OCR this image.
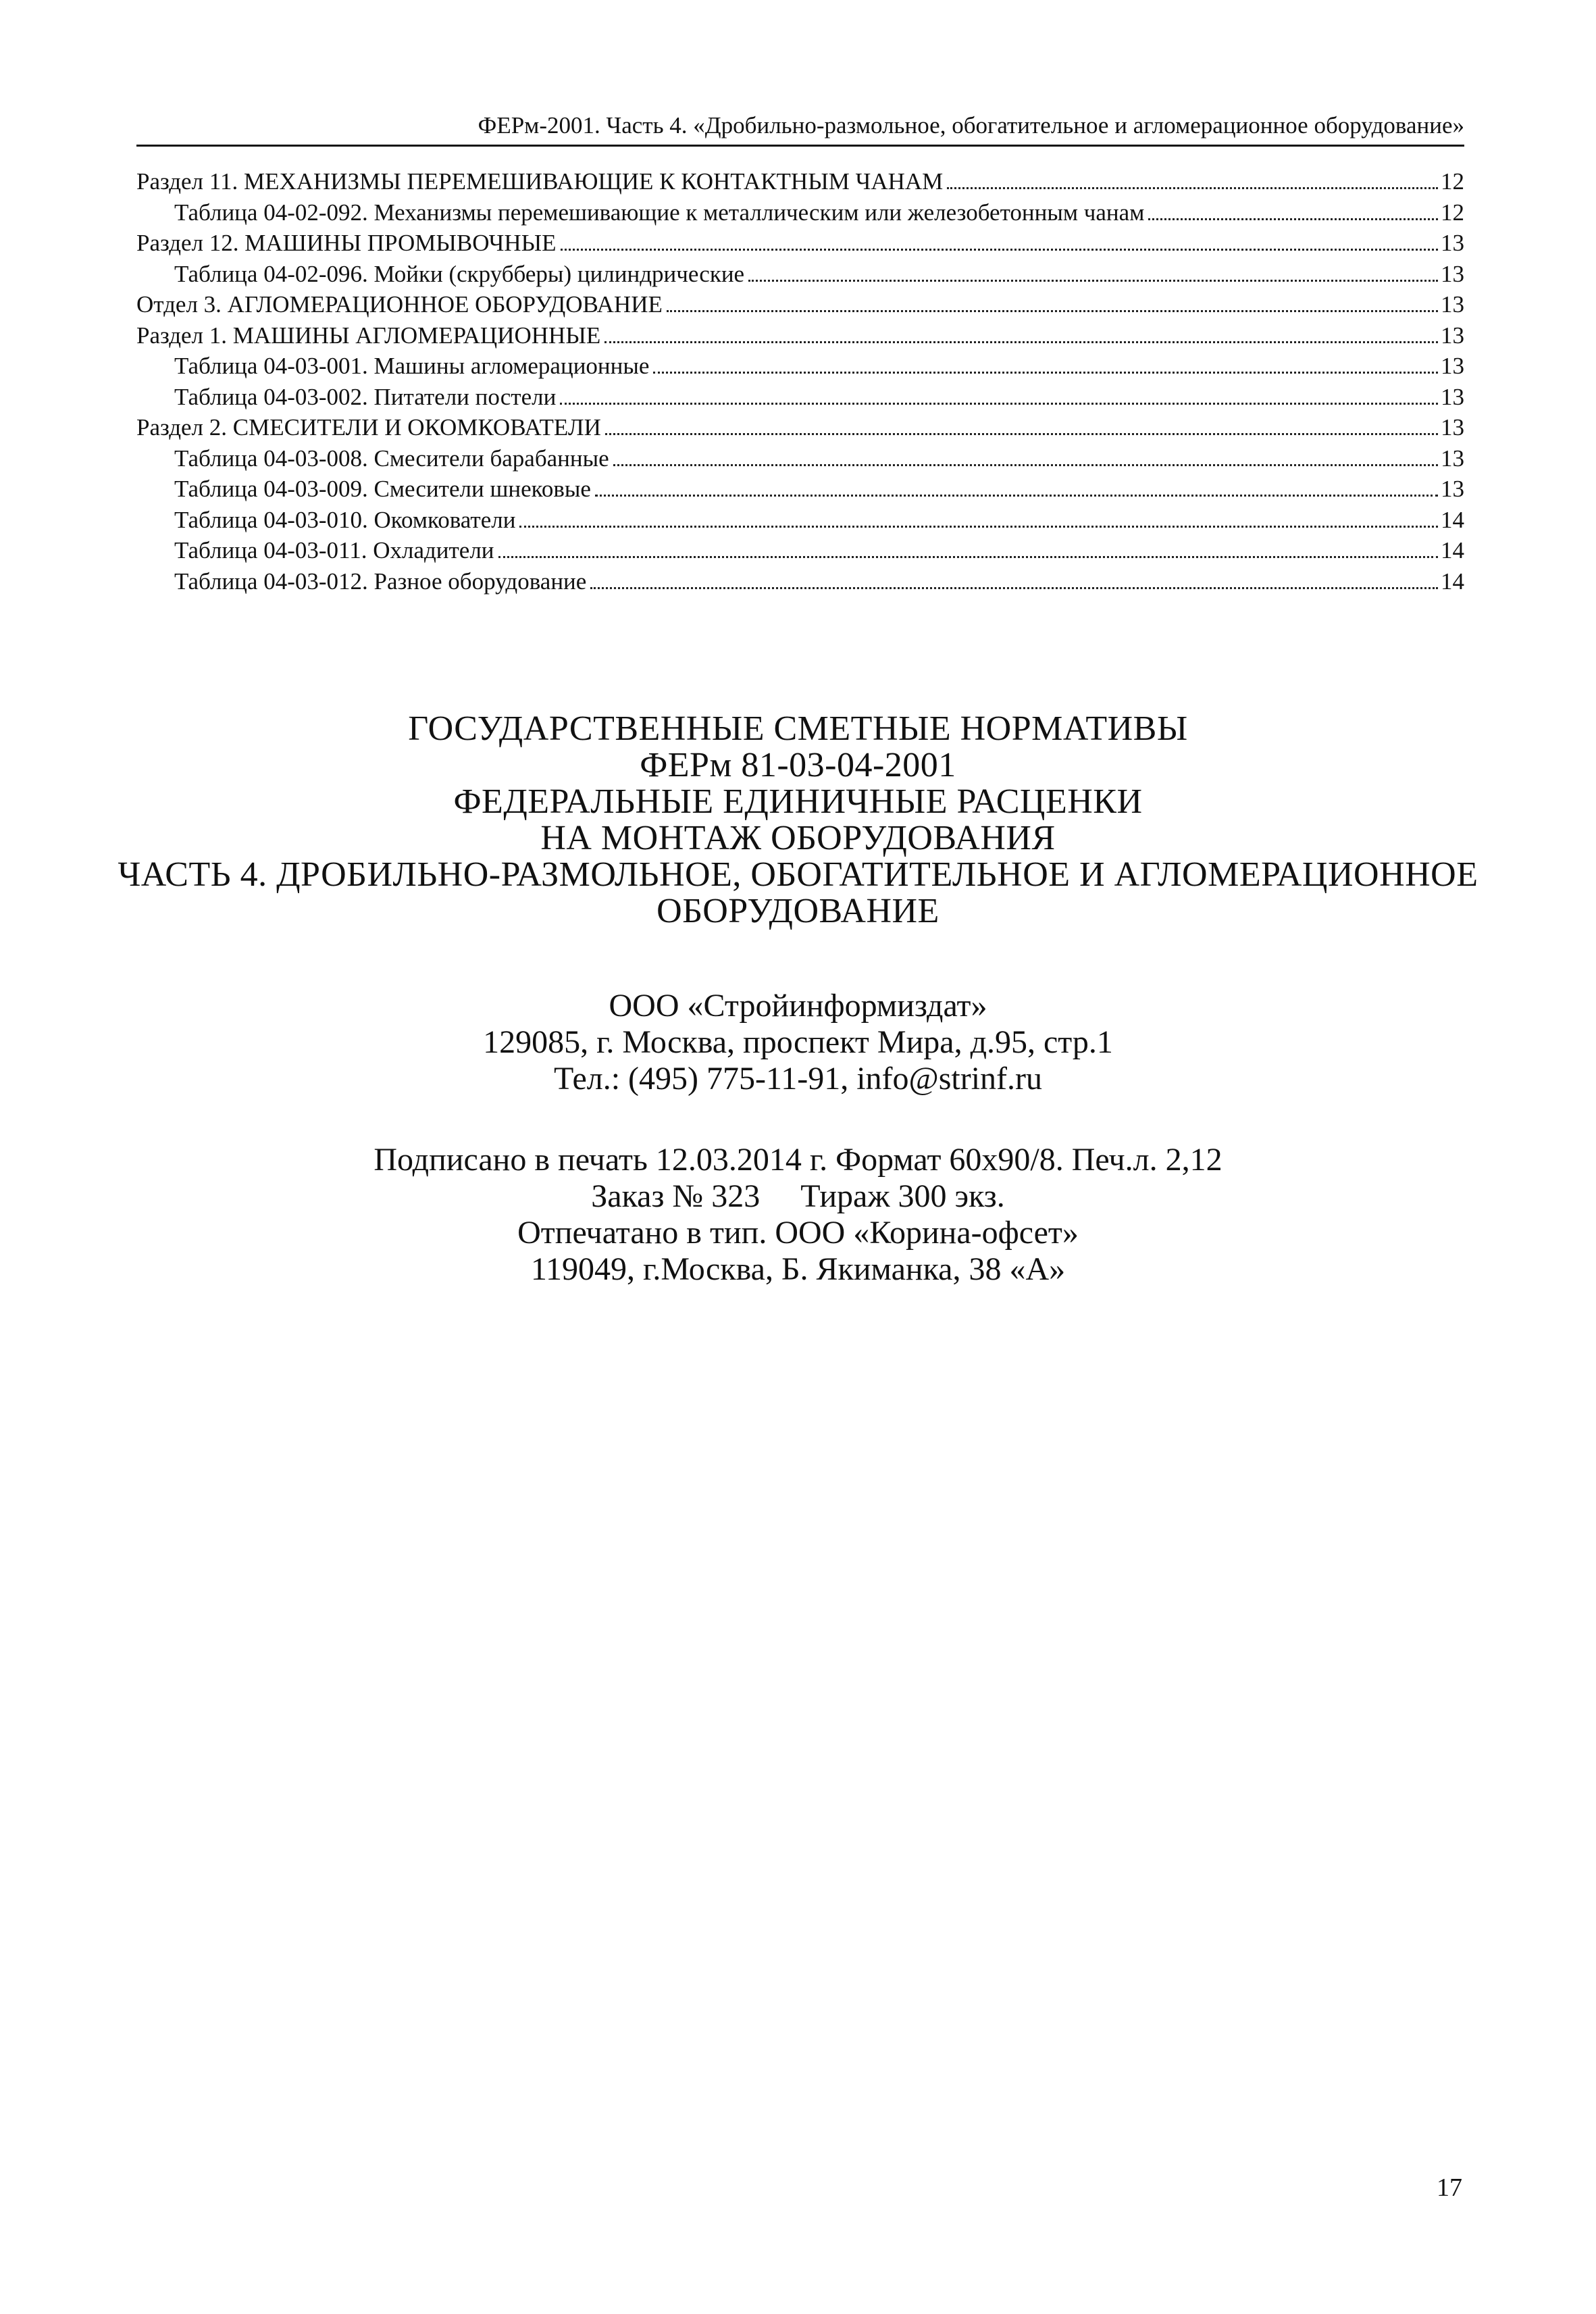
ФЕРм-2001. Часть 4. «Дробильно-размольное, обогатительное и агломерационное оборудование»
Раздел 11. МЕХАНИЗМЫ ПЕРЕМЕШИВАЮЩИЕ К КОНТАКТНЫМ ЧАНАМ	12
Таблица 04-02-092. Механизмы перемешивающие к металлическим или железобетонным чанам	12
Раздел 12. МАШИНЫ ПРОМЫВОЧНЫЕ	13
Таблица 04-02-096. Мойки (скрубберы) цилиндрические	13
Отдел 3. АГЛОМЕРАЦИОННОЕ ОБОРУДОВАНИЕ	13
Раздел 1. МАШИНЫ АГЛОМЕРАЦИОННЫЕ	13
Таблица 04-03-001. Машины агломерационные	13
Таблица 04-03-002. Питатели постели	13
Раздел 2. СМЕСИТЕЛИ И ОКОМКОВАТЕЛИ	13
Таблица 04-03-008. Смесители барабанные	13
Таблица 04-03-009. Смесители шнековые	13
Таблица 04-03-010. Окомкователи	14
Таблица 04-03-011. Охладители	14
Таблица 04-03-012. Разное оборудование	14
ГОСУДАРСТВЕННЫЕ СМЕТНЫЕ НОРМАТИВЫ
ФЕРм 81-03-04-2001
ФЕДЕРАЛЬНЫЕ ЕДИНИЧНЫЕ РАСЦЕНКИ
НА МОНТАЖ ОБОРУДОВАНИЯ
ЧАСТЬ 4. ДРОБИЛЬНО-РАЗМОЛЬНОЕ, ОБОГАТИТЕЛЬНОЕ И АГЛОМЕРАЦИОННОЕ
ОБОРУДОВАНИЕ
ООО «Стройинформиздат»
129085, г. Москва, проспект Мира, д.95, стр.1
Тел.: (495) 775-11-91, info@strinf.ru
Подписано в печать 12.03.2014 г. Формат 60x90/8. Печ.л. 2,12
Заказ № 323 Тираж 300 экз.
Отпечатано в тип. ООО «Корина-офсет»
119049, г.Москва, Б. Якиманка, 38 «А»
17
